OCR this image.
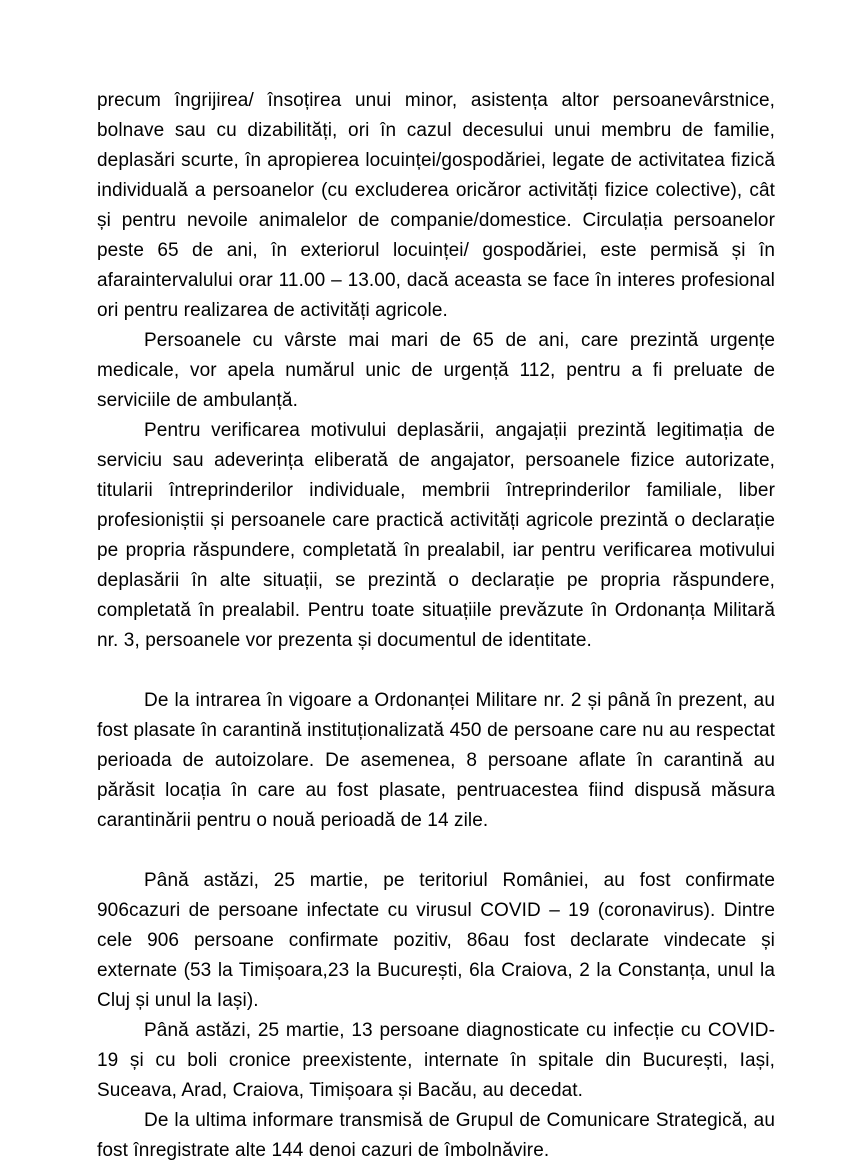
precum îngrijirea/ însoțirea unui minor, asistența altor persoanevârstnice, bolnave sau cu dizabilități, ori în cazul decesului unui membru de familie, deplasări scurte, în apropierea locuinței/gospodăriei, legate de activitatea fizică individuală a persoanelor (cu excluderea oricăror activități fizice colective), cât și pentru nevoile animalelor de companie/domestice. Circulația persoanelor peste 65 de ani, în exteriorul locuinței/ gospodăriei, este permisă și în afaraintervalului orar 11.00 – 13.00, dacă aceasta se face în interes profesional ori pentru realizarea de activități agricole.

Persoanele cu vârste mai mari de 65 de ani, care prezintă urgențe medicale, vor apela numărul unic de urgență 112, pentru a fi preluate de serviciile de ambulanță.

Pentru verificarea motivului deplasării, angajații prezintă legitimația de serviciu sau adeverința eliberată de angajator, persoanele fizice autorizate, titularii întreprinderilor individuale, membrii întreprinderilor familiale, liber profesioniștii și persoanele care practică activități agricole prezintă o declarație pe propria răspundere, completată în prealabil, iar pentru verificarea motivului deplasării în alte situații, se prezintă o declarație pe propria răspundere, completată în prealabil. Pentru toate situațiile prevăzute în Ordonanța Militară nr. 3, persoanele vor prezenta și documentul de identitate.

De la intrarea în vigoare a Ordonanței Militare nr. 2 și până în prezent, au fost plasate în carantină instituționalizată 450 de persoane care nu au respectat perioada de autoizolare. De asemenea, 8 persoane aflate în carantină au părăsit locația în care au fost plasate, pentruacestea fiind dispusă măsura carantinării pentru o nouă perioadă de 14 zile.

Până astăzi, 25 martie, pe teritoriul României, au fost confirmate 906cazuri de persoane infectate cu virusul COVID – 19 (coronavirus). Dintre cele 906 persoane confirmate pozitiv, 86au fost declarate vindecate și externate (53 la Timișoara,23 la București, 6la Craiova, 2 la Constanța, unul la Cluj și unul la Iași).

Până astăzi, 25 martie, 13 persoane diagnosticate cu infecție cu COVID-19 și cu boli cronice preexistente, internate în spitale din București, Iași, Suceava, Arad, Craiova, Timișoara și Bacău, au decedat.

De la ultima informare transmisă de Grupul de Comunicare Strategică, au fost înregistrate alte 144 denoi cazuri de îmbolnăvire.
